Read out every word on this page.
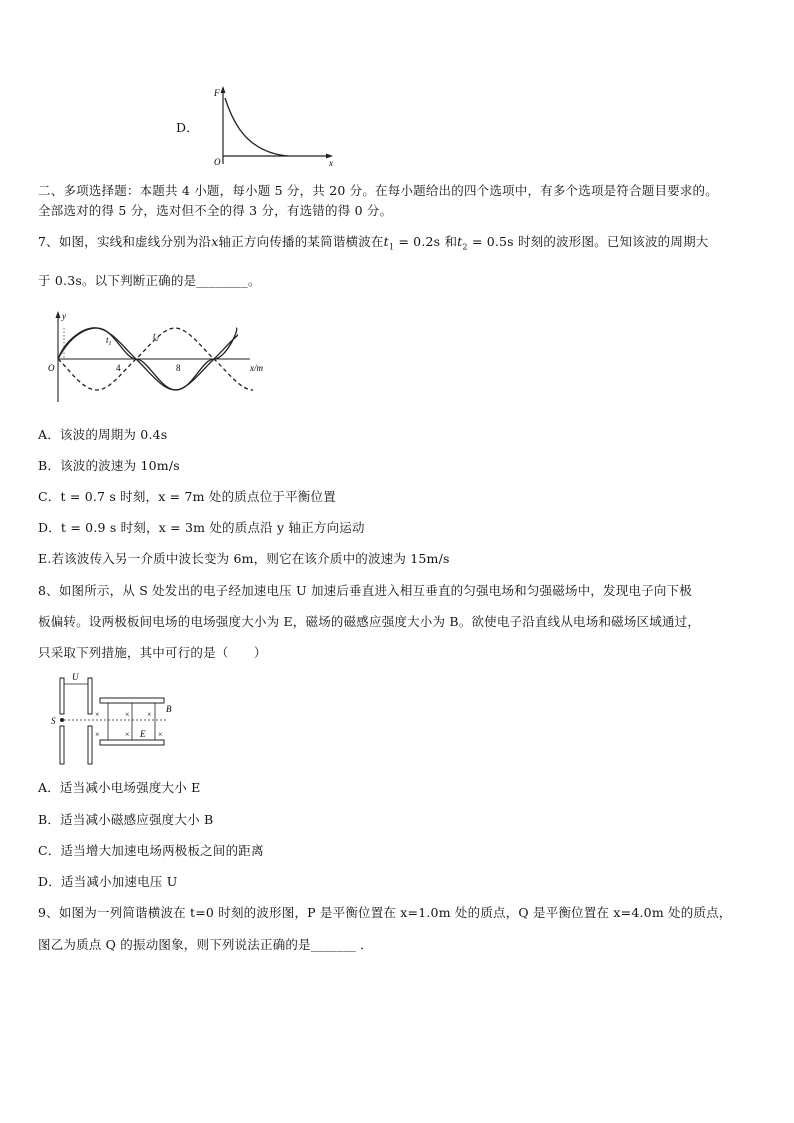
D．
F
x
O
二、多项选择题：本题共 4 小题，每小题 5 分，共 20 分。在每小题给出的四个选项中，有多个选项是符合题目要求的。
全部选对的得 5 分，选对但不全的得 3 分，有选错的得 0 分。
7、如图，实线和虚线分别为沿x轴正方向传播的某简谐横波在$t_1 = 0.2s$ 和$t_2 = 0.5s$ 时刻的波形图。已知该波的周期大
于 0.3s。以下判断正确的是________。
y
x/m
O	4	8
$t_1$
$t_2$
A．该波的周期为 0.4s
B．该波的波速为 10m/s
C．t = 0.7 s 时刻，x = 7m 处的质点位于平衡位置
D．t = 0.9 s 时刻，x = 3m 处的质点沿 y 轴正方向运动
E.若该波传入另一介质中波长变为 6m，则它在该介质中的波速为 15m/s
8、如图所示，从 S 处发出的电子经加速电压 U 加速后垂直进入相互垂直的匀强电场和匀强磁场中，发现电子向下极
板偏转。设两极板间电场的电场强度大小为 E，磁场的磁感应强度大小为 B。欲使电子沿直线从电场和磁场区域通过，
只采取下列措施，其中可行的是（　　）
U
S
×	× ×
×	×	×
B
E
A．适当减小电场强度大小 E
B．适当减小磁感应强度大小 B
C．适当增大加速电场两极板之间的距离
D．适当减小加速电压 U
9、如图为一列简谐横波在 t=0 时刻的波形图，P 是平衡位置在 x=1.0m 处的质点，Q 是平衡位置在 x=4.0m 处的质点，
图乙为质点 Q 的振动图象，则下列说法正确的是_______ ．
